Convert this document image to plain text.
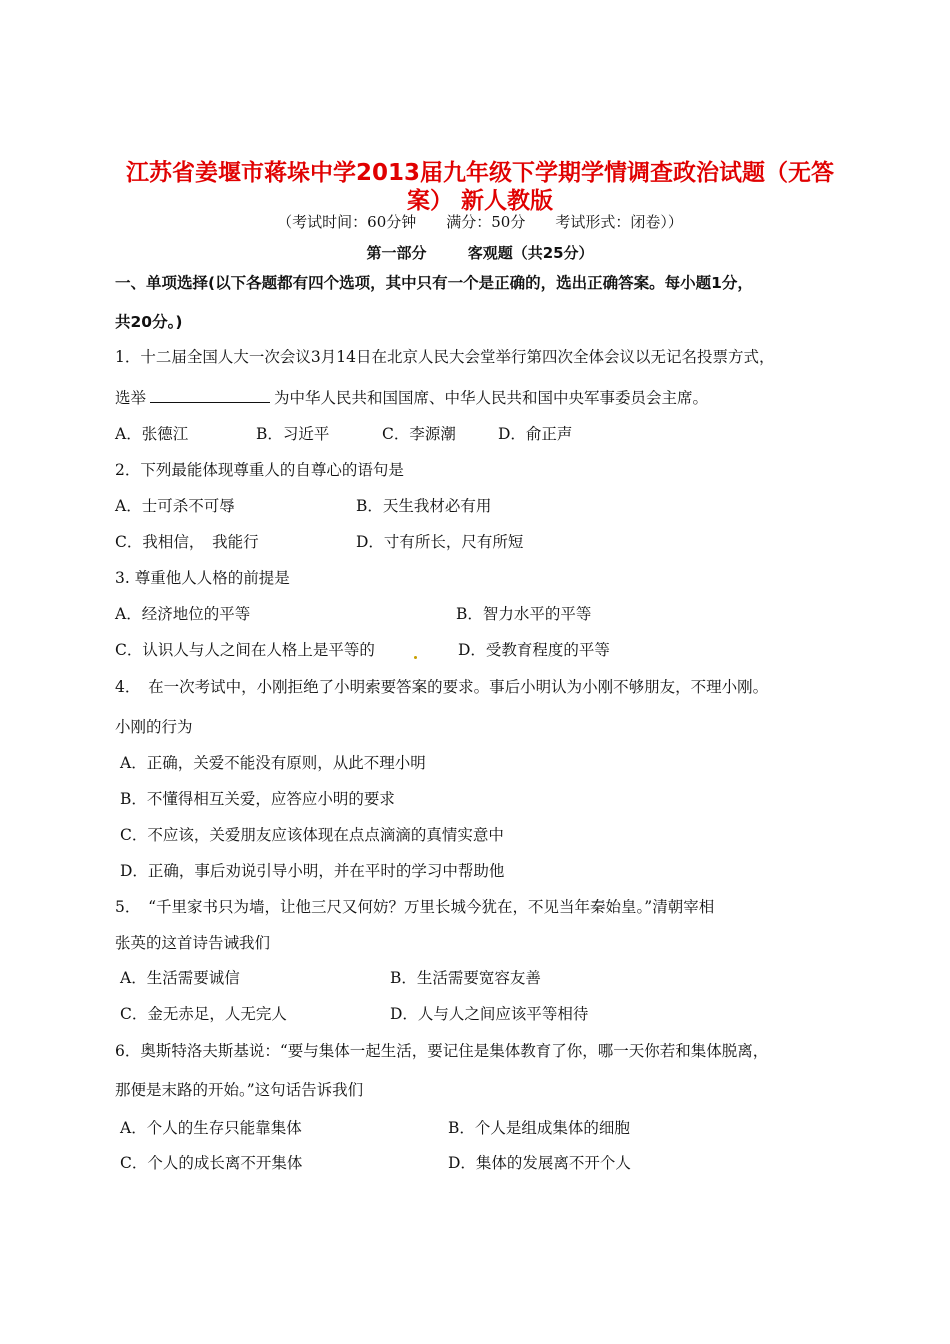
江苏省姜堰市蒋垛中学2013届九年级下学期学情调查政治试题（无答
案） 新人教版
（考试时间：60分钟　　满分：50分　　考试形式：闭卷））
第一部分	客观题（共25分）
一、单项选择(以下各题都有四个选项，其中只有一个是正确的，选出正确答案。每小题1分，
共20分。)
1．十二届全国人大一次会议3月14日在北京人民大会堂举行第四次全体会议以无记名投票方式，
选举	为中华人民共和国国席、中华人民共和国中央军事委员会主席。
A．张德江	B．习近平	C．李源潮	D．俞正声
2．下列最能体现尊重人的自尊心的语句是
A．士可杀不可辱	B．天生我材必有用
C．我相信，　我能行	D．寸有所长，尺有所短
3. 尊重他人人格的前提是
A．经济地位的平等	B．智力水平的平等
C．认识人与人之间在人格上是平等的	D．受教育程度的平等
4．　在一次考试中，小刚拒绝了小明索要答案的要求。事后小明认为小刚不够朋友，不理小刚。
小刚的行为
A．正确，关爱不能没有原则，从此不理小明
B．不懂得相互关爱，应答应小明的要求
C．不应该，关爱朋友应该体现在点点滴滴的真情实意中
D．正确，事后劝说引导小明，并在平时的学习中帮助他
5．　“千里家书只为墙，让他三尺又何妨？万里长城今犹在，不见当年秦始皇。”清朝宰相
张英的这首诗告诫我们
A．生活需要诚信	B．生活需要宽容友善
C．金无赤足，人无完人	D．人与人之间应该平等相待
6．奥斯特洛夫斯基说：“要与集体一起生活，要记住是集体教育了你，哪一天你若和集体脱离，
那便是末路的开始。”这句话告诉我们
A．个人的生存只能靠集体	B．个人是组成集体的细胞
C．个人的成长离不开集体	D．集体的发展离不开个人
